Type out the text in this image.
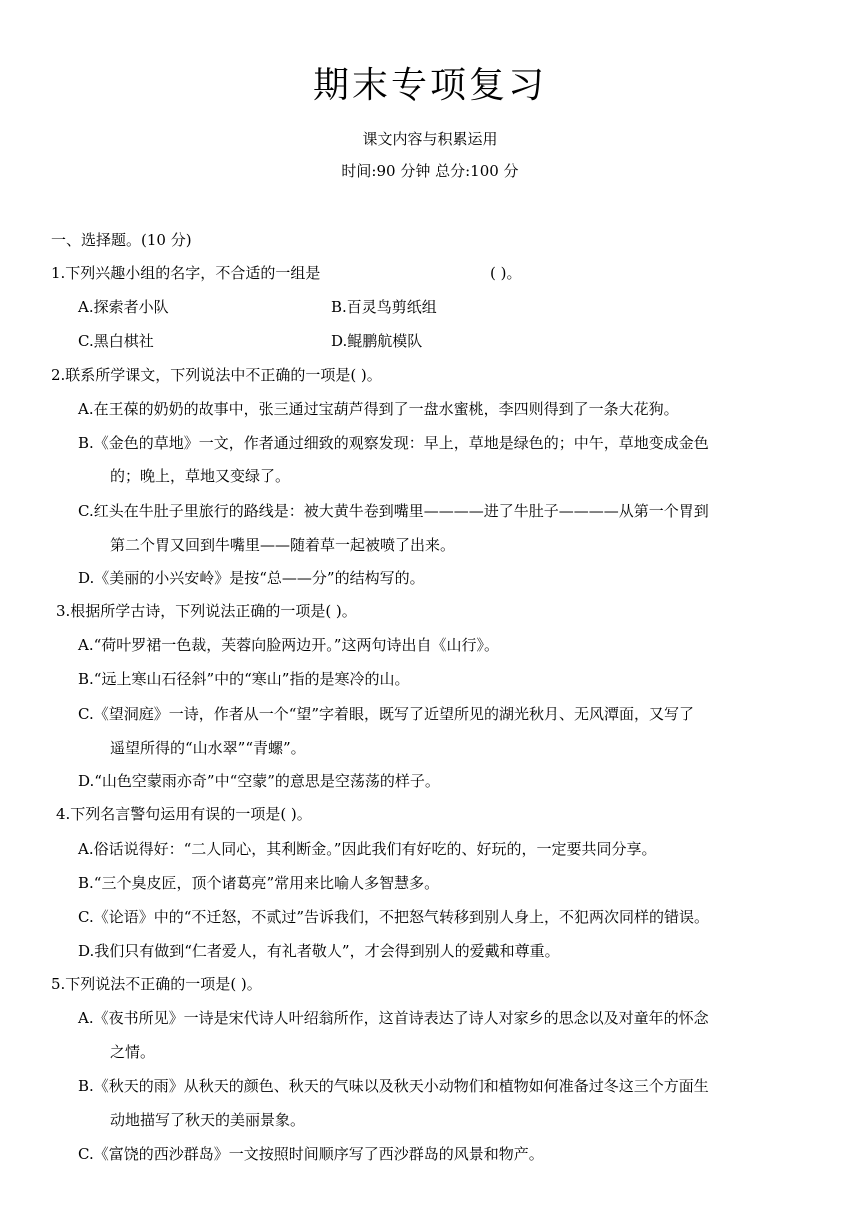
期末专项复习
课文内容与积累运用
时间:90 分钟 总分:100 分
一、选择题。(10 分)
1.下列兴趣小组的名字，不合适的一组是	( )。
A.探索者小队	B.百灵鸟剪纸组
C.黑白棋社	D.鲲鹏航模队
2.联系所学课文，下列说法中不正确的一项是( )。
A.在王葆的奶奶的故事中，张三通过宝葫芦得到了一盘水蜜桃，李四则得到了一条大花狗。
B.《金色的草地》一文，作者通过细致的观察发现：早上，草地是绿色的；中午，草地变成金色
的；晚上，草地又变绿了。
C.红头在牛肚子里旅行的路线是：被大黄牛卷到嘴里————进了牛肚子————从第一个胃到
第二个胃又回到牛嘴里——随着草一起被喷了出来。
D.《美丽的小兴安岭》是按“总——分”的结构写的。
3.根据所学古诗，下列说法正确的一项是( )。
A.“荷叶罗裙一色裁，芙蓉向脸两边开。”这两句诗出自《山行》。
B.“远上寒山石径斜”中的“寒山”指的是寒冷的山。
C.《望洞庭》一诗，作者从一个“望”字着眼，既写了近望所见的湖光秋月、无风潭面，又写了
遥望所得的“山水翠”“青螺”。
D.“山色空蒙雨亦奇”中“空蒙”的意思是空荡荡的样子。
4.下列名言警句运用有误的一项是( )。
A.俗话说得好：“二人同心，其利断金。”因此我们有好吃的、好玩的，一定要共同分享。
B.“三个臭皮匠，顶个诸葛亮”常用来比喻人多智慧多。
C.《论语》中的“不迁怒，不贰过”告诉我们，不把怒气转移到别人身上，不犯两次同样的错误。
D.我们只有做到“仁者爱人，有礼者敬人”，才会得到别人的爱戴和尊重。
5.下列说法不正确的一项是( )。
A.《夜书所见》一诗是宋代诗人叶绍翁所作，这首诗表达了诗人对家乡的思念以及对童年的怀念
之情。
B.《秋天的雨》从秋天的颜色、秋天的气味以及秋天小动物们和植物如何准备过冬这三个方面生
动地描写了秋天的美丽景象。
C.《富饶的西沙群岛》一文按照时间顺序写了西沙群岛的风景和物产。
